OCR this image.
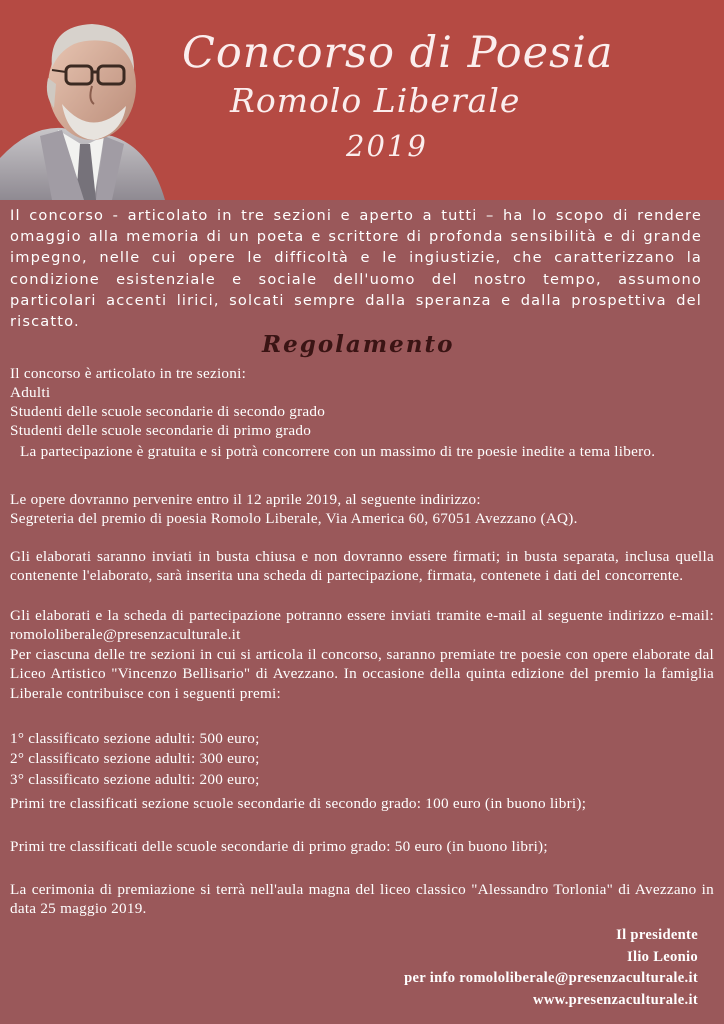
Concorso di Poesia
Romolo Liberale
2019

Il concorso - articolato in tre sezioni e aperto a tutti – ha lo scopo di rendere omaggio alla memoria di un poeta e scrittore di profonda sensibilità e di grande impegno, nelle cui opere le difficoltà e le ingiustizie, che caratterizzano la condizione esistenziale e sociale dell'uomo del nostro tempo, assumono particolari accenti lirici, solcati sempre dalla speranza e dalla prospettiva del riscatto.

Regolamento

Il concorso è articolato in tre sezioni:

Adulti

Studenti delle scuole secondarie di secondo grado

Studenti delle scuole secondarie di primo grado

La partecipazione è gratuita e si potrà concorrere con un massimo di tre poesie inedite a tema libero.

Le opere dovranno pervenire entro il 12 aprile 2019, al seguente indirizzo:

Segreteria del premio di poesia Romolo Liberale, Via America 60, 67051 Avezzano (AQ).

Gli elaborati saranno inviati in busta chiusa e non dovranno essere firmati; in busta separata, inclusa quella contenente l'elaborato, sarà inserita una scheda di partecipazione, firmata, contenete i dati del concorrente.

Gli elaborati e la scheda di partecipazione potranno essere inviati tramite e-mail al seguente indirizzo e-mail: romololiberale@presenzaculturale.it

Per ciascuna delle tre sezioni in cui si articola il concorso, saranno premiate tre poesie con opere elaborate dal Liceo Artistico "Vincenzo Bellisario" di Avezzano. In occasione della quinta edizione del premio la famiglia Liberale contribuisce con i seguenti premi:

1° classificato sezione adulti: 500 euro;

2° classificato sezione adulti: 300 euro;

3° classificato sezione adulti: 200 euro;

Primi tre classificati sezione scuole secondarie di secondo grado: 100 euro (in buono libri);

Primi tre classificati delle scuole secondarie di primo grado: 50 euro (in buono libri);

La cerimonia di premiazione si terrà nell'aula magna del liceo classico "Alessandro Torlonia" di Avezzano in data 25 maggio 2019.

Il presidente
Ilio Leonio
per info romololiberale@presenzaculturale.it
www.presenzaculturale.it
